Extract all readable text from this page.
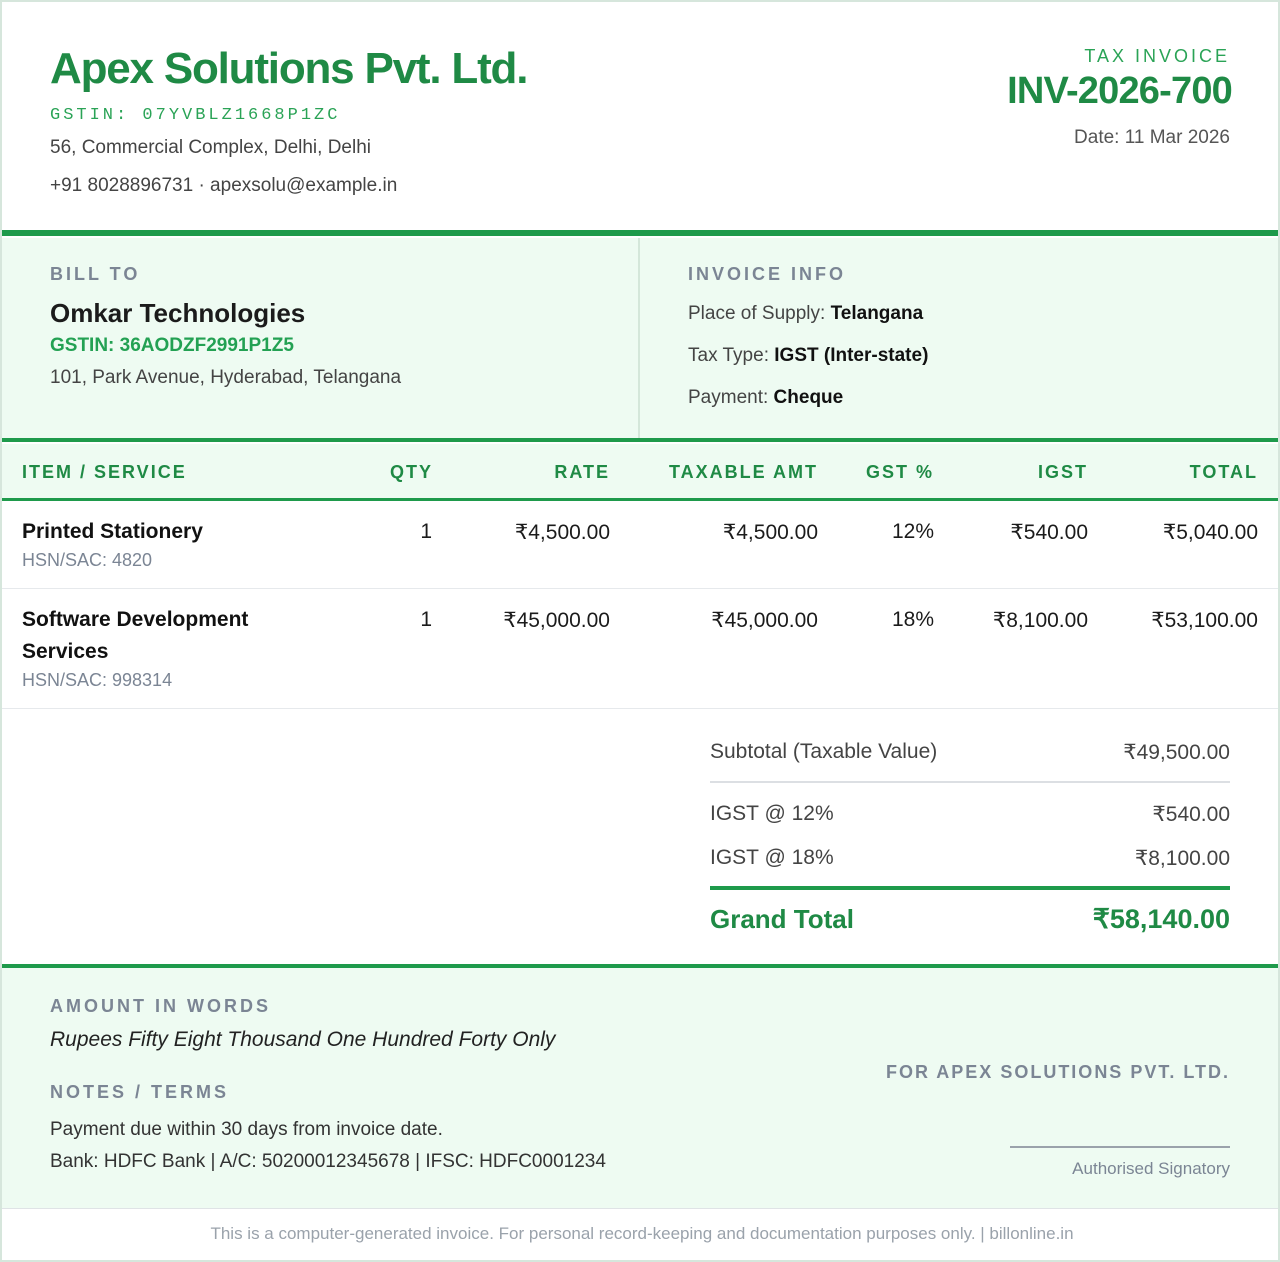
Apex Solutions Pvt. Ltd.
GSTIN: 07YVBLZ1668P1ZC
56, Commercial Complex, Delhi, Delhi
+91 8028896731 · apexsolu@example.in
TAX INVOICE
INV-2026-700
Date: 11 Mar 2026
BILL TO
Omkar Technologies
GSTIN: 36AODZF2991P1Z5
101, Park Avenue, Hyderabad, Telangana
INVOICE INFO
Place of Supply: Telangana
Tax Type: IGST (Inter-state)
Payment: Cheque
ITEM / SERVICE	QTY	RATE	TAXABLE AMT	GST %	IGST	TOTAL
Printed Stationery
HSN/SAC: 4820
1	₹4,500.00	₹4,500.00	12%	₹540.00	₹5,040.00
Software Development Services
HSN/SAC: 998314
1	₹45,000.00	₹45,000.00	18%	₹8,100.00	₹53,100.00
Subtotal (Taxable Value)	₹49,500.00
IGST @ 12%	₹540.00
IGST @ 18%	₹8,100.00
Grand Total	₹58,140.00
AMOUNT IN WORDS
Rupees Fifty Eight Thousand One Hundred Forty Only
NOTES / TERMS
Payment due within 30 days from invoice date.
Bank: HDFC Bank | A/C: 50200012345678 | IFSC: HDFC0001234
FOR APEX SOLUTIONS PVT. LTD.
Authorised Signatory
This is a computer-generated invoice. For personal record-keeping and documentation purposes only. | billonline.in
